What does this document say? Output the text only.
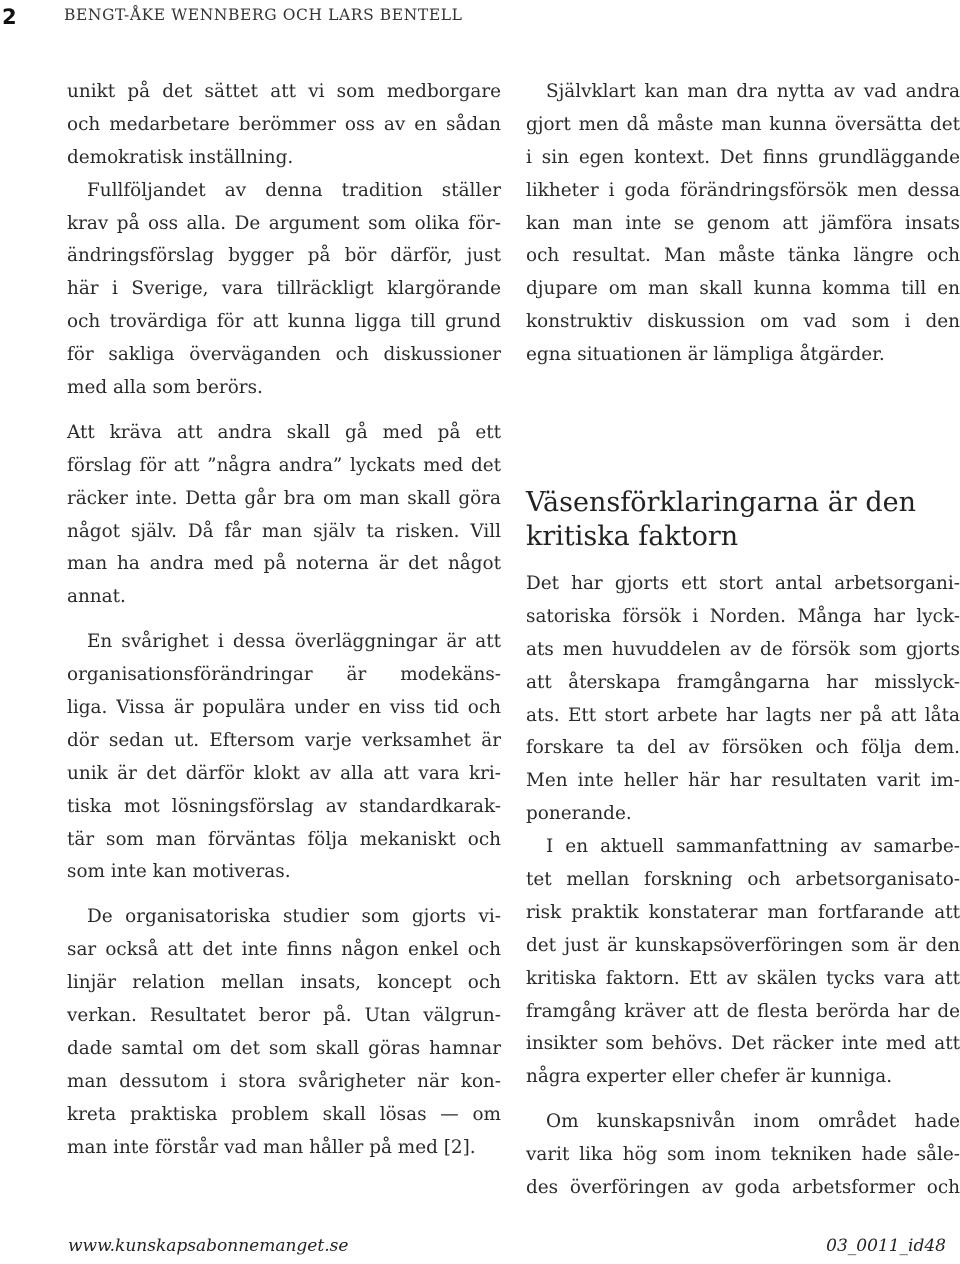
2	BENGT-ÅKE WENNBERG OCH LARS BENTELL
unikt på det sättet att vi som medborgare
och medarbetare berömmer oss av en sådan
demokratisk inställning.
Fullföljandet av denna tradition ställer
krav på oss alla. De argument som olika för-
ändringsförslag bygger på bör därför, just
här i Sverige, vara tillräckligt klargörande
och trovärdiga för att kunna ligga till grund
för sakliga överväganden och diskussioner
med alla som berörs.
Att kräva att andra skall gå med på ett
förslag för att ”några andra” lyckats med det
räcker inte. Detta går bra om man skall göra
något själv. Då får man själv ta risken. Vill
man ha andra med på noterna är det något
annat.
En svårighet i dessa överläggningar är att
organisationsförändringar är modekäns-
liga. Vissa är populära under en viss tid och
dör sedan ut. Eftersom varje verksamhet är
unik är det därför klokt av alla att vara kri-
tiska mot lösningsförslag av standardkarak-
tär som man förväntas följa mekaniskt och
som inte kan motiveras.
De organisatoriska studier som gjorts vi-
sar också att det inte finns någon enkel och
linjär relation mellan insats, koncept och
verkan. Resultatet beror på. Utan välgrun-
dade samtal om det som skall göras hamnar
man dessutom i stora svårigheter när kon-
kreta praktiska problem skall lösas — om
man inte förstår vad man håller på med [2].
Självklart kan man dra nytta av vad andra
gjort men då måste man kunna översätta det
i sin egen kontext. Det finns grundläggande
likheter i goda förändringsförsök men dessa
kan man inte se genom att jämföra insats
och resultat. Man måste tänka längre och
djupare om man skall kunna komma till en
konstruktiv diskussion om vad som i den
egna situationen är lämpliga åtgärder.
Väsensförklaringarna är den
kritiska faktorn
Det har gjorts ett stort antal arbetsorgani-
satoriska försök i Norden. Många har lyck-
ats men huvuddelen av de försök som gjorts
att återskapa framgångarna har misslyck-
ats. Ett stort arbete har lagts ner på att låta
forskare ta del av försöken och följa dem.
Men inte heller här har resultaten varit im-
ponerande.
I en aktuell sammanfattning av samarbe-
tet mellan forskning och arbetsorganisato-
risk praktik konstaterar man fortfarande att
det just är kunskapsöverföringen som är den
kritiska faktorn. Ett av skälen tycks vara att
framgång kräver att de flesta berörda har de
insikter som behövs. Det räcker inte med att
några experter eller chefer är kunniga.
Om kunskapsnivån inom området hade
varit lika hög som inom tekniken hade såle-
des överföringen av goda arbetsformer och
www.kunskapsabonnemanget.se	03_0011_id48
